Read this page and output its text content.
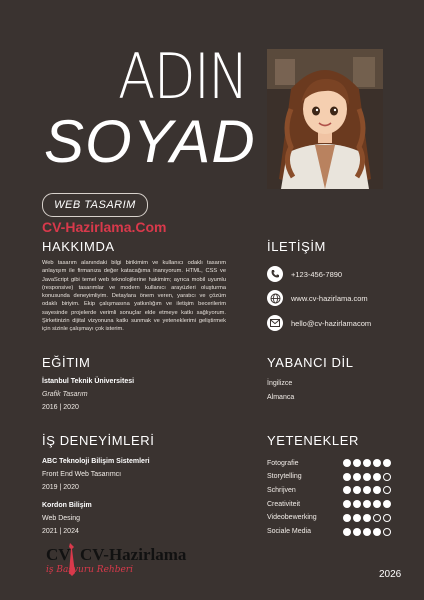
ADIN
SOYAD
WEB TASARIM
CV-Hazirlama.Com
HAKKIMDA
Web tasarım alanındaki bilgi birikimim ve kullanıcı odaklı tasarım anlayışım ile firmanıza değer katacağıma inanıyorum. HTML, CSS ve JavaScript gibi temel web teknolojilerine hakimim; ayrıca mobil uyumlu (responsive) tasarımlar ve modern kullanıcı arayüzleri oluşturma konusunda deneyimliyim. Detaylara önem veren, yaratıcı ve çözüm odaklı biriyim. Ekip çalışmasına yatkınlığım ve iletişim becerilerim sayesinde projelerde verimli sonuçlar elde etmeye katkı sağlıyorum. Şirketinizin dijital vizyonuna katkı sunmak ve yeteneklerimi geliştirmek için sizinle çalışmayı çok isterim.
İLETİŞİM
+123-456-7890
www.cv-hazirlama.com
hello@cv-hazirlamacom
EĞİTIM
İstanbul Teknik Üniversitesi
Grafik Tasarım
2016 | 2020
YABANCI DİL
İngilizce
Almanca
İŞ DENEYİMLERİ
ABC Teknoloji Bilişim Sistemleri
Front End Web Tasarımcı
2019 | 2020
Kordon Bilişim
Web Desing
2021 | 2024
YETENEKLER
Fotografie
Storytelling
Schrijven
Creativiteit
Videobewerking
Sociale Media
CV CV-Hazirlama
iş Başvuru Rehberi	2026
